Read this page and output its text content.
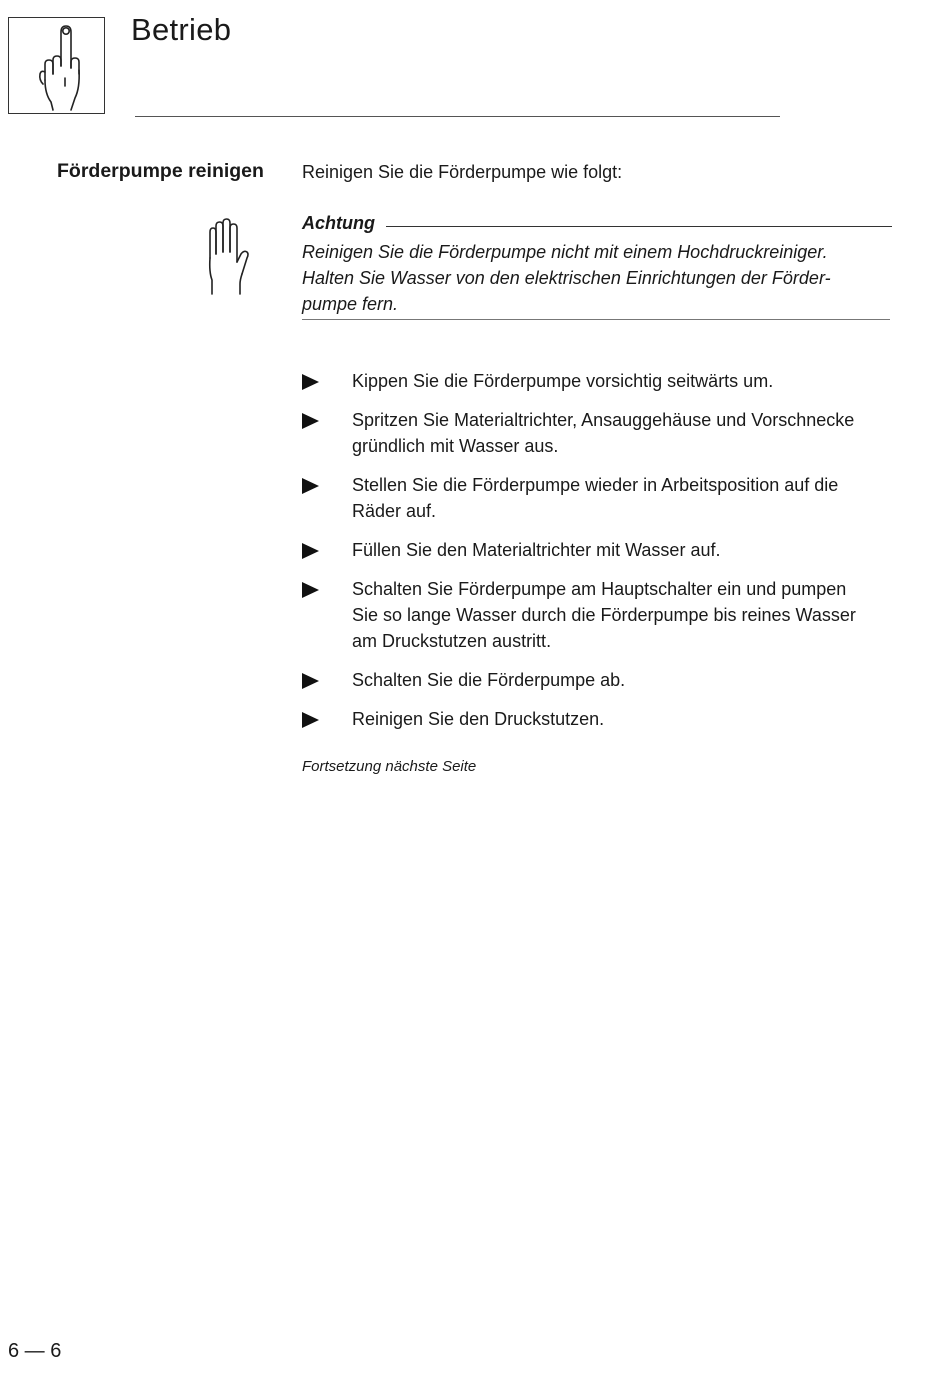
Betrieb
Förderpumpe reinigen Reinigen Sie die Förderpumpe wie folgt:
Achtung
Reinigen Sie die Förderpumpe nicht mit einem Hochdruckreiniger.
Halten Sie Wasser von den elektrischen Einrichtungen der Förder-
pumpe fern.
Kippen Sie die Förderpumpe vorsichtig seitwärts um.
Spritzen Sie Materialtrichter, Ansauggehäuse und Vorschnecke
gründlich mit Wasser aus.
Stellen Sie die Förderpumpe wieder in Arbeitsposition auf die
Räder auf.
Füllen Sie den Materialtrichter mit Wasser auf.
Schalten Sie Förderpumpe am Hauptschalter ein und pumpen
Sie so lange Wasser durch die Förderpumpe bis reines Wasser
am Druckstutzen austritt.
Schalten Sie die Förderpumpe ab.
Reinigen Sie den Druckstutzen.
Fortsetzung nächste Seite
6 — 6
